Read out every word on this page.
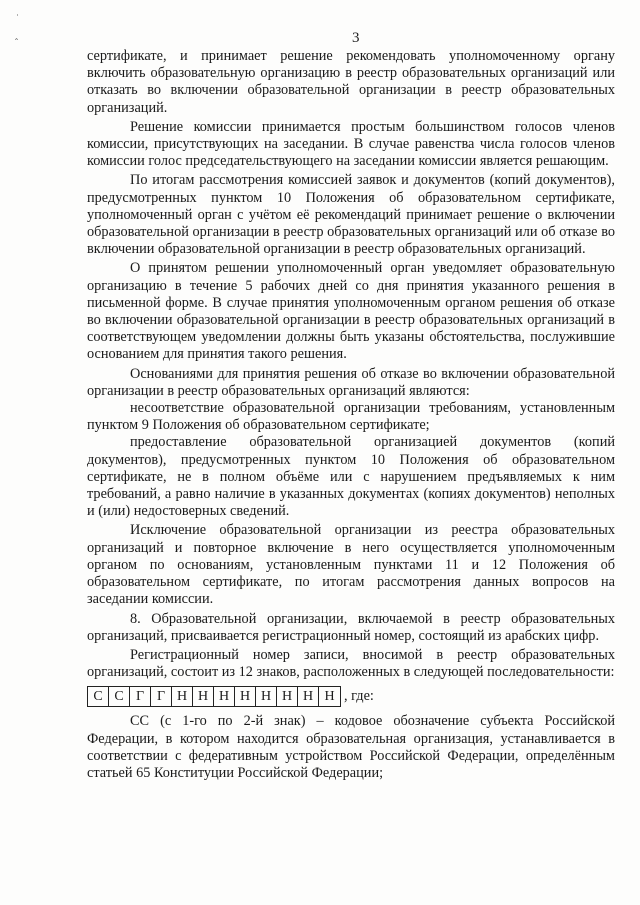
˙
ˆ	3

сертификате, и принимает решение рекомендовать уполномоченному органу включить образовательную организацию в реестр образовательных организаций или отказать во включении образовательной организации в реестр образовательных организаций.

Решение комиссии принимается простым большинством голосов членов комиссии, присутствующих на заседании. В случае равенства числа голосов членов комиссии голос председательствующего на заседании комиссии является решающим.

По итогам рассмотрения комиссией заявок и документов (копий документов), предусмотренных пунктом 10 Положения об образовательном сертификате, уполномоченный орган с учётом её рекомендаций принимает решение о включении образовательной организации в реестр образовательных организаций или об отказе во включении образовательной организации в реестр образовательных организаций.

О принятом решении уполномоченный орган уведомляет образовательную организацию в течение 5 рабочих дней со дня принятия указанного решения в письменной форме. В случае принятия уполномоченным органом решения об отказе во включении образовательной организации в реестр образовательных организаций в соответствующем уведомлении должны быть указаны обстоятельства, послужившие основанием для принятия такого решения.

Основаниями для принятия решения об отказе во включении образовательной организации в реестр образовательных организаций являются:

несоответствие образовательной организации требованиям, установленным пунктом 9 Положения об образовательном сертификате;

предоставление образовательной организацией документов (копий документов), предусмотренных пунктом 10 Положения об образовательном сертификате, не в полном объёме или с нарушением предъявляемых к ним требований, а равно наличие в указанных документах (копиях документов) неполных и (или) недостоверных сведений.

Исключение образовательной организации из реестра образовательных организаций и повторное включение в него осуществляется уполномоченным органом по основаниям, установленным пунктами 11 и 12 Положения об образовательном сертификате, по итогам рассмотрения данных вопросов на заседании комиссии.

8. Образовательной организации, включаемой в реестр образовательных организаций, присваивается регистрационный номер, состоящий из арабских цифр.

Регистрационный номер записи, вносимой в реестр образовательных организаций, состоит из 12 знаков, расположенных в следующей последовательности:

С С Г Г Н Н Н Н Н Н Н Н , где:

СС (с 1-го по 2-й знак) – кодовое обозначение субъекта Российской Федерации, в котором находится образовательная организация, устанавливается в соответствии с федеративным устройством Российской Федерации, определённым статьей 65 Конституции Российской Федерации;
